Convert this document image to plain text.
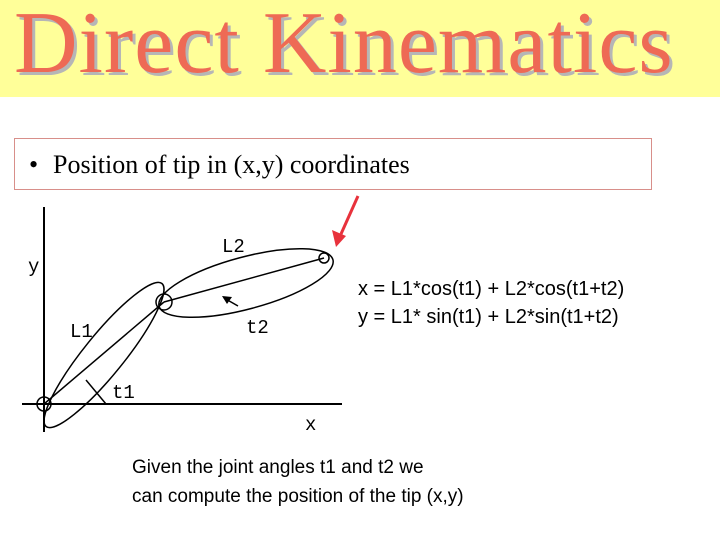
Direct Kinematics
• Position of tip in (x,y) coordinates
y
x
L2
L1	t2
t1
x = L1*cos(t1) + L2*cos(t1+t2)
y = L1* sin(t1) + L2*sin(t1+t2)
Given the joint angles t1 and t2 we
can compute the position of the tip (x,y)
